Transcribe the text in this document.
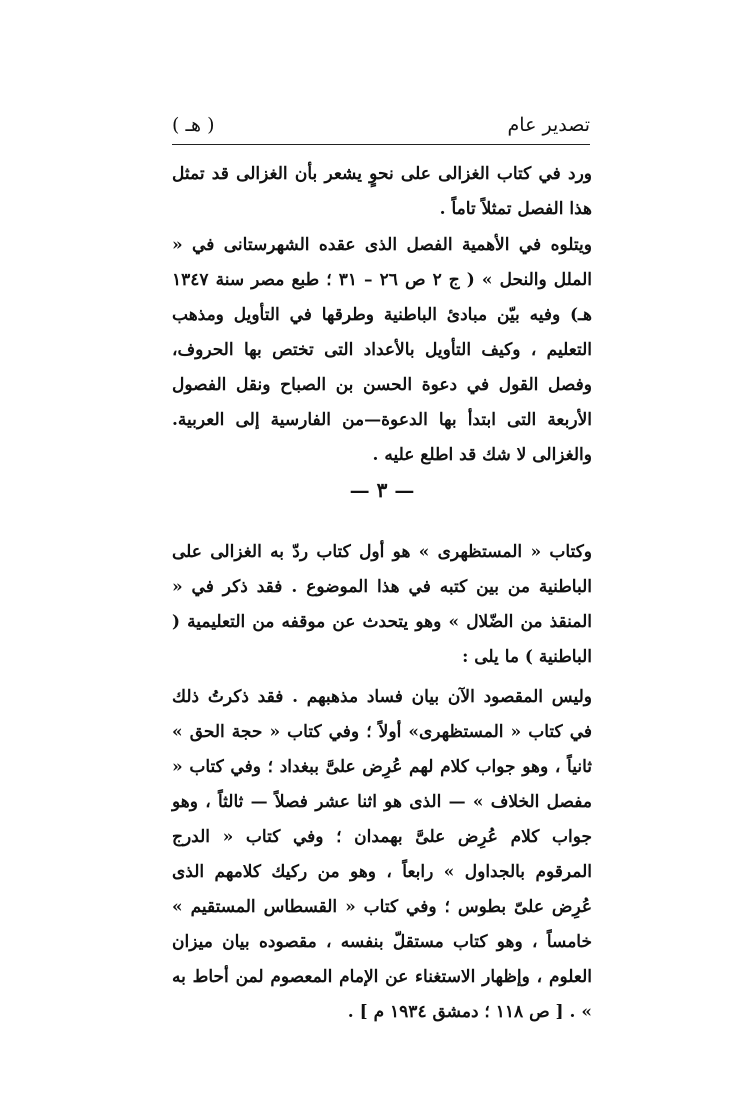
تصدير عام
( هـ )
ورد في كتاب الغزالى على نحوٍ يشعر بأن الغزالى قد تمثل هذا الفصل تمثلاً تاماً .
ويتلوه في الأهمية الفصل الذى عقده الشهرستانى في « الملل والنحل » ( ج ٢ ص ٢٦ – ٣١ ؛ طبع مصر سنة ١٣٤٧ هـ) وفيه بيّن مبادئ الباطنية وطرقها في التأويل ومذهب التعليم ، وكيف التأويل بالأعداد التى تختص بها الحروف، وفصل القول في دعوة الحسن بن الصباح ونقل الفصول الأربعة التى ابتدأ بها الدعوة—من الفارسية إلى العربية. والغزالى لا شك قد اطلع عليه .
— ٣ —
وكتاب « المستظهرى » هو أول كتاب ردّ به الغزالى على الباطنية من بين كتبه في هذا الموضوع . فقد ذكر في « المنقذ من الضّلال » وهو يتحدث عن موقفه من التعليمية ( الباطنية ) ما يلى :
وليس المقصود الآن بيان فساد مذهبهم . فقد ذكرتُ ذلك في كتاب « المستظهرى» أولاً ؛ وفي كتاب « حجة الحق » ثانياً ، وهو جواب كلام لهم عُرِض علىَّ ببغداد ؛ وفي كتاب « مفصل الخلاف » — الذى هو اثنا عشر فصلاً — ثالثاً ، وهو جواب كلام عُرِض علىَّ بهمدان ؛ وفي كتاب « الدرج المرقوم بالجداول » رابعاً ، وهو من ركيك كلامهم الذى عُرِض علىّ بطوس ؛ وفي كتاب « القسطاس المستقيم » خامساً ، وهو كتاب مستقلّ بنفسه ، مقصوده بيان ميزان العلوم ، وإظهار الاستغناء عن الإمام المعصوم لمن أحاط به » . [ ص ١١٨ ؛ دمشق ١٩٣٤ م ] .
